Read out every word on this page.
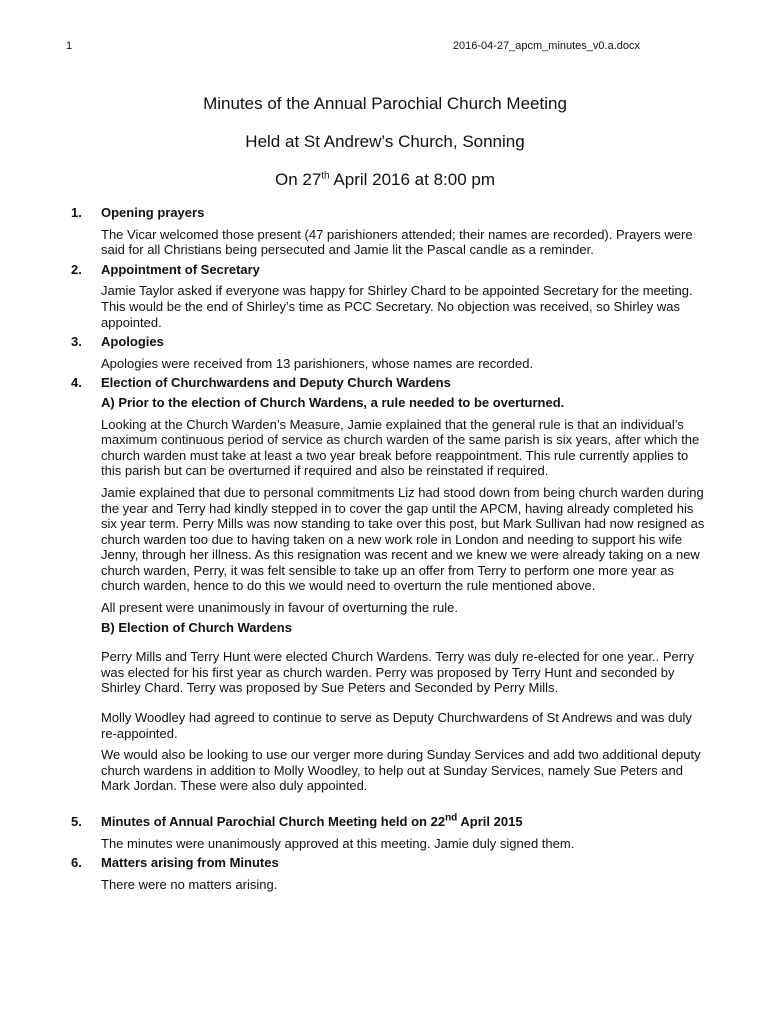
1	2016-04-27_apcm_minutes_v0.a.docx
Minutes of the Annual Parochial Church Meeting
Held at St Andrew’s Church, Sonning
On 27th April 2016 at 8:00 pm
1. Opening prayers

The Vicar welcomed those present (47 parishioners attended; their names are recorded). Prayers were said for all Christians being persecuted and Jamie lit the Pascal candle as a reminder.

2. Appointment of Secretary

Jamie Taylor asked if everyone was happy for Shirley Chard to be appointed Secretary for the meeting. This would be the end of Shirley’s time as PCC Secretary. No objection was received, so Shirley was appointed.

3. Apologies

Apologies were received from 13 parishioners, whose names are recorded.

4. Election of Churchwardens and Deputy Church Wardens
A) Prior to the election of Church Wardens, a rule needed to be overturned.

Looking at the Church Warden’s Measure, Jamie explained that the general rule is that an individual’s maximum continuous period of service as church warden of the same parish is six years, after which the church warden must take at least a two year break before reappointment. This rule currently applies to this parish but can be overturned if required and also be reinstated if required.

Jamie explained that due to personal commitments Liz had stood down from being church warden during the year and Terry had kindly stepped in to cover the gap until the APCM, having already completed his six year term. Perry Mills was now standing to take over this post, but Mark Sullivan had now resigned as church warden too due to having taken on a new work role in London and needing to support his wife Jenny, through her illness. As this resignation was recent and we knew we were already taking on a new church warden, Perry, it was felt sensible to take up an offer from Terry to perform one more year as church warden, hence to do this we would need to overturn the rule mentioned above.

All present were unanimously in favour of overturning the rule.

B) Election of Church Wardens

Perry Mills and Terry Hunt were elected Church Wardens. Terry was duly re-elected for one year.. Perry was elected for his first year as church warden. Perry was proposed by Terry Hunt and seconded by Shirley Chard. Terry was proposed by Sue Peters and Seconded by Perry Mills.

Molly Woodley had agreed to continue to serve as Deputy Churchwardens of St Andrews and was duly re-appointed.

We would also be looking to use our verger more during Sunday Services and add two additional deputy church wardens in addition to Molly Woodley, to help out at Sunday Services, namely Sue Peters and Mark Jordan. These were also duly appointed.

5. Minutes of Annual Parochial Church Meeting held on 22nd April 2015

The minutes were unanimously approved at this meeting. Jamie duly signed them.

6. Matters arising from Minutes

There were no matters arising.
